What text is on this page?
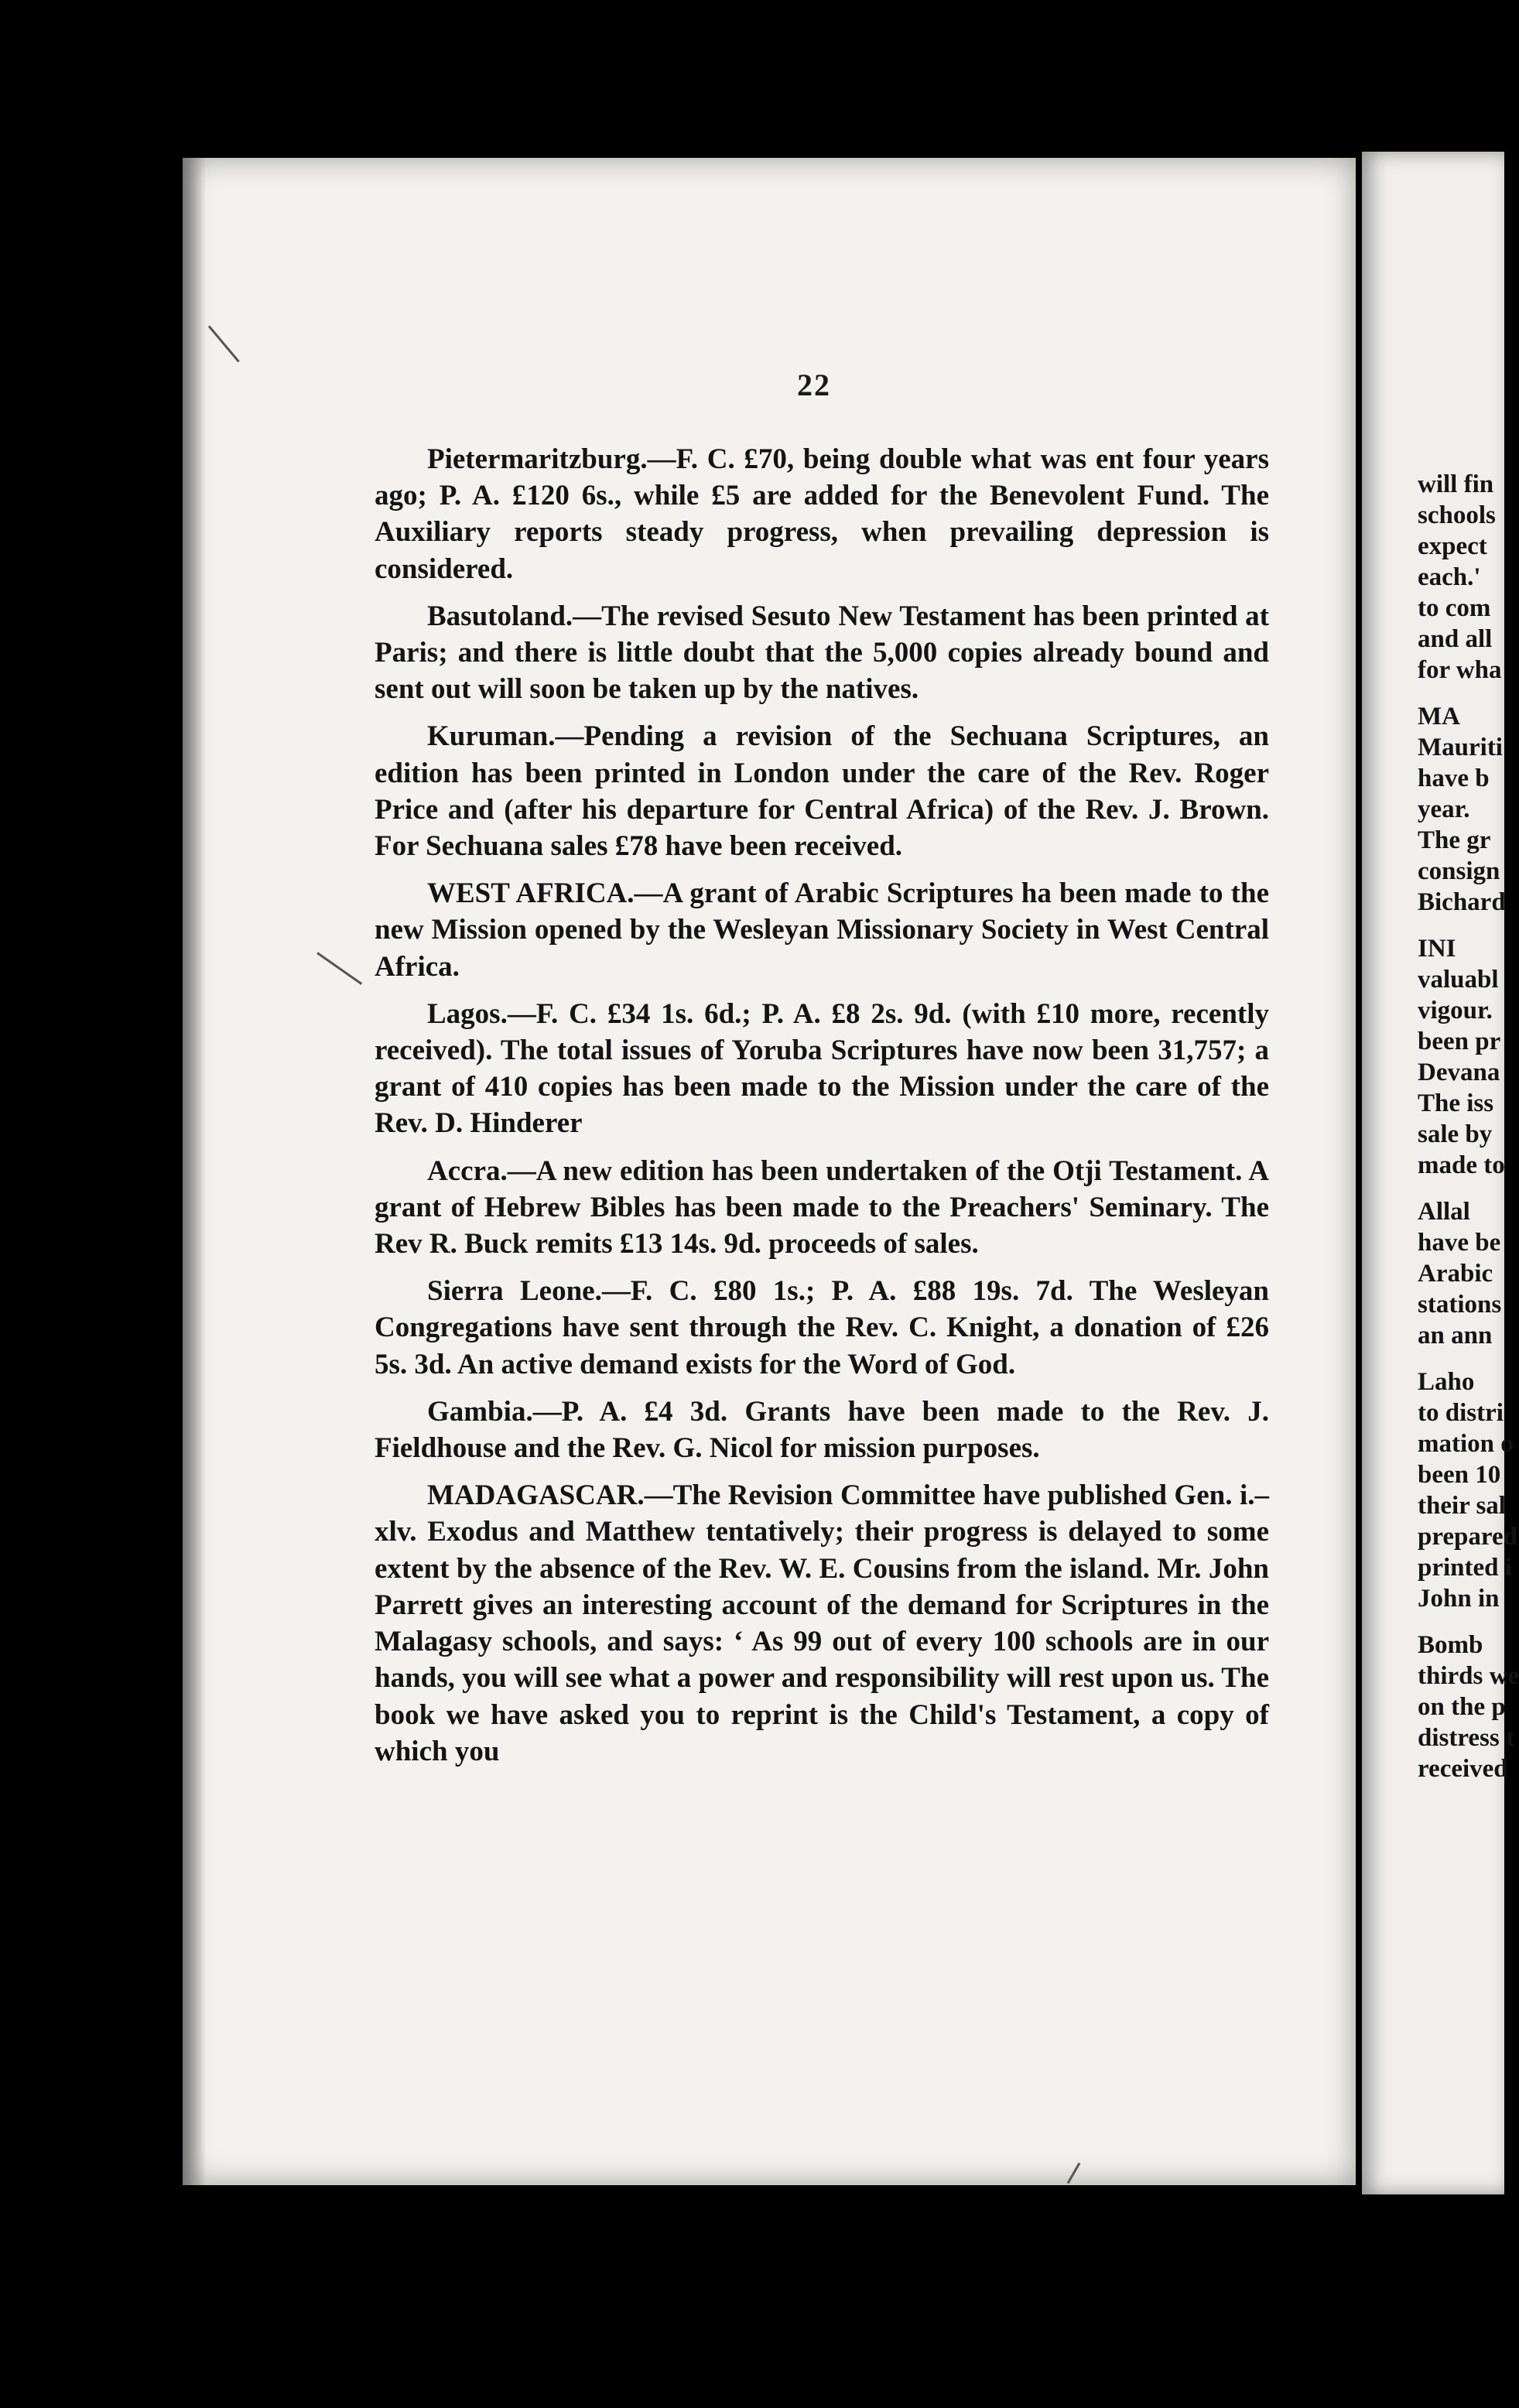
22

Pietermaritzburg.—F. C. £70, being double what was ent four years ago; P. A. £120 6s., while £5 are added for the Benevolent Fund. The Auxiliary reports steady progress, when prevailing depression is considered.

Basutoland.—The revised Sesuto New Testament has been printed at Paris; and there is little doubt that the 5,000 copies already bound and sent out will soon be taken up by the natives.

Kuruman.—Pending a revision of the Sechuana Scriptures, an edition has been printed in London under the care of the Rev. Roger Price and (after his departure for Central Africa) of the Rev. J. Brown. For Sechuana sales £78 have been received.

WEST AFRICA.—A grant of Arabic Scriptures ha been made to the new Mission opened by the Wesleyan Missionary Society in West Central Africa.

Lagos.—F. C. £34 1s. 6d.; P. A. £8 2s. 9d. (with £10 more, recently received). The total issues of Yoruba Scriptures have now been 31,757; a grant of 410 copies has been made to the Mission under the care of the Rev. D. Hinderer

Accra.—A new edition has been undertaken of the Otji Testament. A grant of Hebrew Bibles has been made to the Preachers' Seminary. The Rev R. Buck remits £13 14s. 9d. proceeds of sales.

Sierra Leone.—F. C. £80 1s.; P. A. £88 19s. 7d. The Wesleyan Congregations have sent through the Rev. C. Knight, a donation of £26 5s. 3d. An active demand exists for the Word of God.

Gambia.—P. A. £4 3d. Grants have been made to the Rev. J. Fieldhouse and the Rev. G. Nicol for mission purposes.

MADAGASCAR.—The Revision Committee have published Gen. i.–xlv. Exodus and Matthew tentatively; their progress is delayed to some extent by the absence of the Rev. W. E. Cousins from the island. Mr. John Parrett gives an interesting account of the demand for Scriptures in the Malagasy schools, and says: ‘ As 99 out of every 100 schools are in our hands, you will see what a power and responsibility will rest upon us. The book we have asked you to reprint is the Child's Testament, a copy of which you

will fin
schools
expect
each.'
to com
and all
for wha
MA
Mauriti
have b
year.
The gr
consign
Bichard
INI
valuabl
vigour.
been pr
Devana
The iss
sale by
made to
Allal
have be
Arabic
stations
an ann
Laho
to distri
mation o
been 10
their sal
prepared
printed i
John in
Bomb
thirds we
on the p
distress t
received
